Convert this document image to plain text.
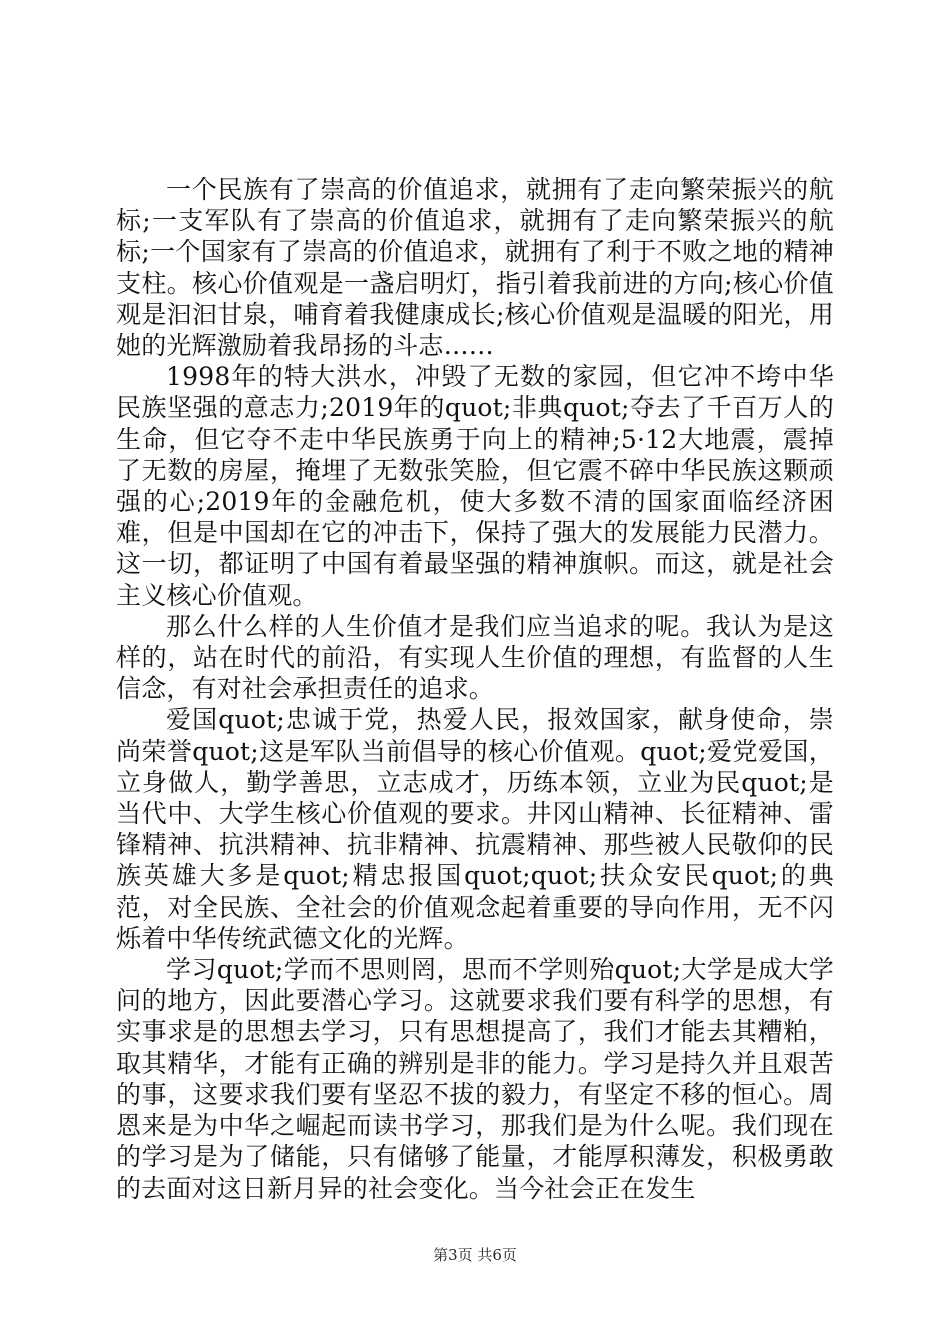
一个民族有了崇高的价值追求，就拥有了走向繁荣振兴的航标;一支军队有了崇高的价值追求，就拥有了走向繁荣振兴的航标;一个国家有了崇高的价值追求，就拥有了利于不败之地的精神支柱。核心价值观是一盏启明灯，指引着我前进的方向;核心价值观是汩汩甘泉，哺育着我健康成长;核心价值观是温暖的阳光，用她的光辉激励着我昂扬的斗志……

1998年的特大洪水，冲毁了无数的家园，但它冲不垮中华民族坚强的意志力;2019年的quot;非典quot;夺去了千百万人的生命，但它夺不走中华民族勇于向上的精神;5·12大地震，震掉了无数的房屋，掩埋了无数张笑脸，但它震不碎中华民族这颗顽强的心;2019年的金融危机，使大多数不清的国家面临经济困难，但是中国却在它的冲击下，保持了强大的发展能力民潜力。这一切，都证明了中国有着最坚强的精神旗帜。而这，就是社会主义核心价值观。

那么什么样的人生价值才是我们应当追求的呢。我认为是这样的，站在时代的前沿，有实现人生价值的理想，有监督的人生信念，有对社会承担责任的追求。

爱国quot;忠诚于党，热爱人民，报效国家，献身使命，崇尚荣誉quot;这是军队当前倡导的核心价值观。quot;爱党爱国，立身做人，勤学善思，立志成才，历练本领，立业为民quot;是当代中、大学生核心价值观的要求。井冈山精神、长征精神、雷锋精神、抗洪精神、抗非精神、抗震精神、那些被人民敬仰的民族英雄大多是quot;精忠报国quot;quot;扶众安民quot;的典范，对全民族、全社会的价值观念起着重要的导向作用，无不闪烁着中华传统武德文化的光辉。

学习quot;学而不思则罔，思而不学则殆quot;大学是成大学问的地方，因此要潜心学习。这就要求我们要有科学的思想，有实事求是的思想去学习，只有思想提高了，我们才能去其糟粕，取其精华，才能有正确的辨别是非的能力。学习是持久并且艰苦的事，这要求我们要有坚忍不拔的毅力，有坚定不移的恒心。周恩来是为中华之崛起而读书学习，那我们是为什么呢。我们现在的学习是为了储能，只有储够了能量，才能厚积薄发，积极勇敢的去面对这日新月异的社会变化。当今社会正在发生

第3页 共6页
